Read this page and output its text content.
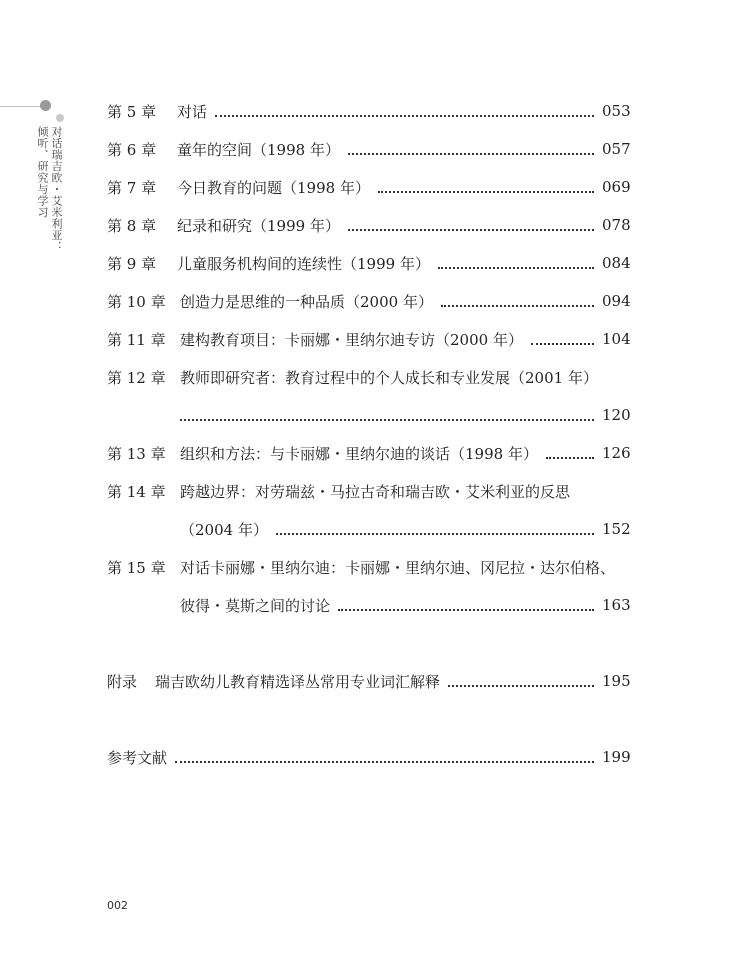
对话瑞吉欧・艾米利亚：
倾听、研究与学习
第 5 章	对话	053
第 6 章	童年的空间（1998 年）	057
第 7 章	今日教育的问题（1998 年）	069
第 8 章	纪录和研究（1999 年）	078
第 9 章	儿童服务机构间的连续性（1999 年）	084
第 10 章 创造力是思维的一种品质（2000 年）	094
第 11 章 建构教育项目：卡丽娜・里纳尔迪专访（2000 年）	104
第 12 章 教师即研究者：教育过程中的个人成长和专业发展（2001 年）
120
第 13 章 组织和方法：与卡丽娜・里纳尔迪的谈话（1998 年）	126
第 14 章 跨越边界：对劳瑞兹・马拉古奇和瑞吉欧・艾米利亚的反思
（2004 年）	152
第 15 章 对话卡丽娜・里纳尔迪：卡丽娜・里纳尔迪、冈尼拉・达尔伯格、
彼得・莫斯之间的讨论	163
附录	瑞吉欧幼儿教育精选译丛常用专业词汇解释	195
参考文献	199
002
